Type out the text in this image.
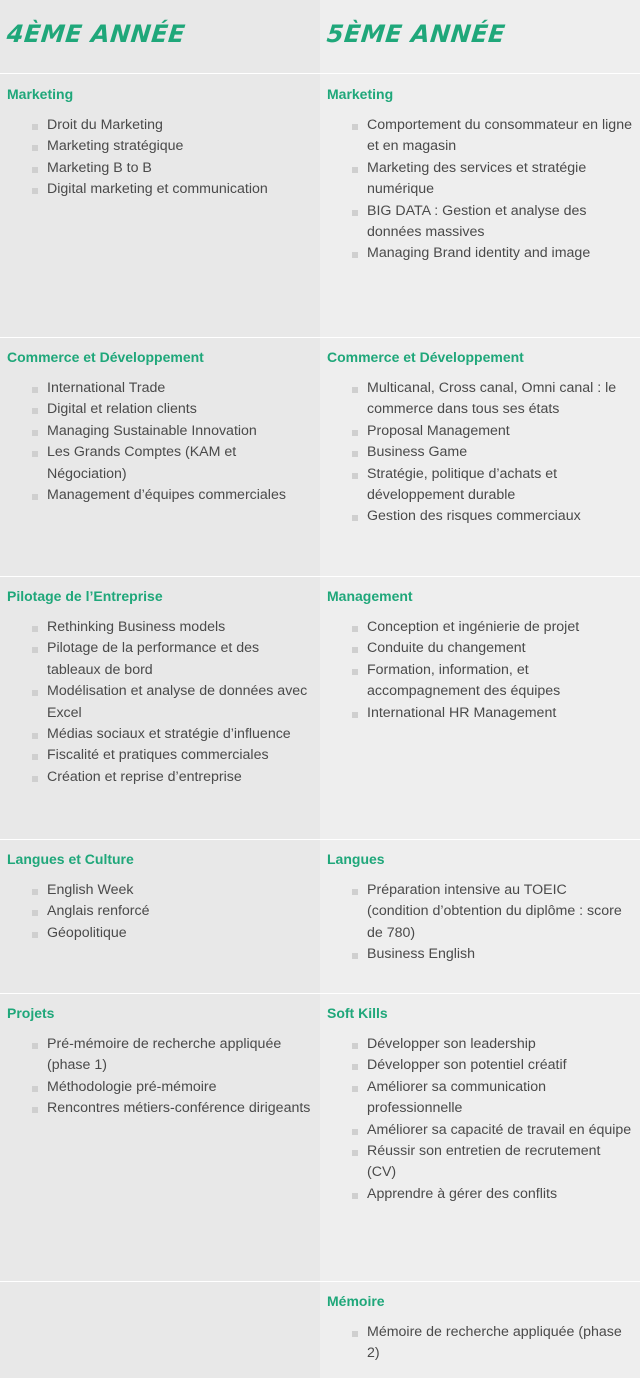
4ÈME ANNÉE	5ÈME ANNÉE
Marketing
Droit du Marketing
Marketing stratégique
Marketing B to B
Digital marketing et communication
Marketing
Comportement du consommateur en ligne et en magasin
Marketing des services et stratégie numérique
BIG DATA : Gestion et analyse des données massives
Managing Brand identity and image
Commerce et Développement
International Trade
Digital et relation clients
Managing Sustainable Innovation
Les Grands Comptes (KAM et Négociation)
Management d’équipes commerciales
Commerce et Développement
Multicanal, Cross canal, Omni canal : le commerce dans tous ses états
Proposal Management
Business Game
Stratégie, politique d’achats et développement durable
Gestion des risques commerciaux
Pilotage de l’Entreprise
Rethinking Business models
Pilotage de la performance et des tableaux de bord
Modélisation et analyse de données avec Excel
Médias sociaux et stratégie d’influence
Fiscalité et pratiques commerciales
Création et reprise d’entreprise
Management
Conception et ingénierie de projet
Conduite du changement
Formation, information, et accompagnement des équipes
International HR Management
Langues et Culture
English Week
Anglais renforcé
Géopolitique
Langues
Préparation intensive au TOEIC (condition d’obtention du diplôme : score de 780)
Business English
Projets
Pré-mémoire de recherche appliquée (phase 1)
Méthodologie pré-mémoire
Rencontres métiers-conférence dirigeants
Soft Kills
Développer son leadership
Développer son potentiel créatif
Améliorer sa communication professionnelle
Améliorer sa capacité de travail en équipe
Réussir son entretien de recrutement (CV)
Apprendre à gérer des conflits
Mémoire
Mémoire de recherche appliquée (phase 2)
